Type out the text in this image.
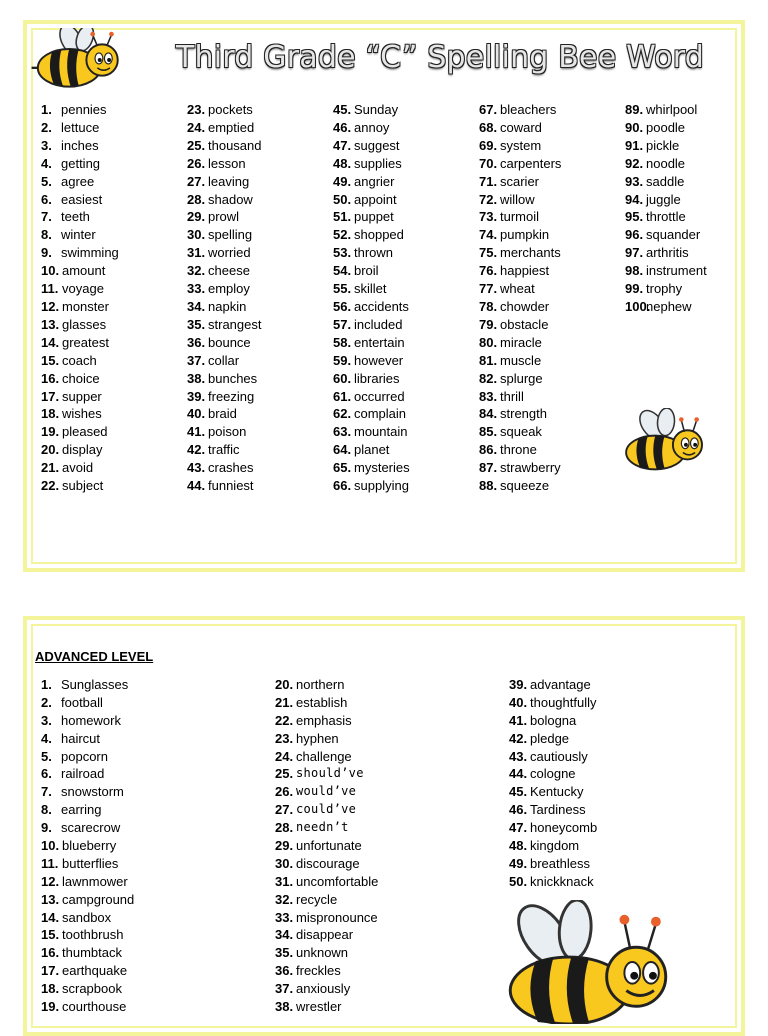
Third Grade “C” Spelling Bee Word
ADVANCED LEVEL
1. pennies
2. lettuce
3. inches
4. getting
5. agree
6. easiest
7. teeth
8. winter
9. swimming
10. amount
11. voyage
12. monster
13. glasses
14. greatest
15. coach
16. choice
17. supper
18. wishes
19. pleased
20. display
21. avoid
22. subject
23. pockets
24. emptied
25. thousand
26. lesson
27. leaving
28. shadow
29. prowl
30. spelling
31. worried
32. cheese
33. employ
34. napkin
35. strangest
36. bounce
37. collar
38. bunches
39. freezing
40. braid
41. poison
42. traffic
43. crashes
44. funniest
45. Sunday
46. annoy
47. suggest
48. supplies
49. angrier
50. appoint
51. puppet
52. shopped
53. thrown
54. broil
55. skillet
56. accidents
57. included
58. entertain
59. however
60. libraries
61. occurred
62. complain
63. mountain
64. planet
65. mysteries
66. supplying
67. bleachers
68. coward
69. system
70. carpenters
71. scarier
72. willow
73. turmoil
74. pumpkin
75. merchants
76. happiest
77. wheat
78. chowder
79. obstacle
80. miracle
81. muscle
82. splurge
83. thrill
84. strength
85. squeak
86. throne
87. strawberry
88. squeeze
89. whirlpool
90. poodle
91. pickle
92. noodle
93. saddle
94. juggle
95. throttle
96. squander
97. arthritis
98. instrument
99. trophy
100.
nephew
1. Sunglasses
2. football
3. homework
4. haircut
5. popcorn
6. railroad
7. snowstorm
8. earring
9. scarecrow
10. blueberry
11. butterflies
12. lawnmower
13. campground
14. sandbox
15. toothbrush
16. thumbtack
17. earthquake
18. scrapbook
19. courthouse
20. northern
21. establish
22. emphasis
23. hyphen
24. challenge
25. should’ve
26. would’ve
27. could’ve
28. needn’t
29. unfortunate
30. discourage
31. uncomfortable
32. recycle
33. mispronounce
34. disappear
35. unknown
36. freckles
37. anxiously
38. wrestler
39. advantage
40. thoughtfully
41. bologna
42. pledge
43. cautiously
44. cologne
45. Kentucky
46. Tardiness
47. honeycomb
48. kingdom
49. breathless
50. knickknack
